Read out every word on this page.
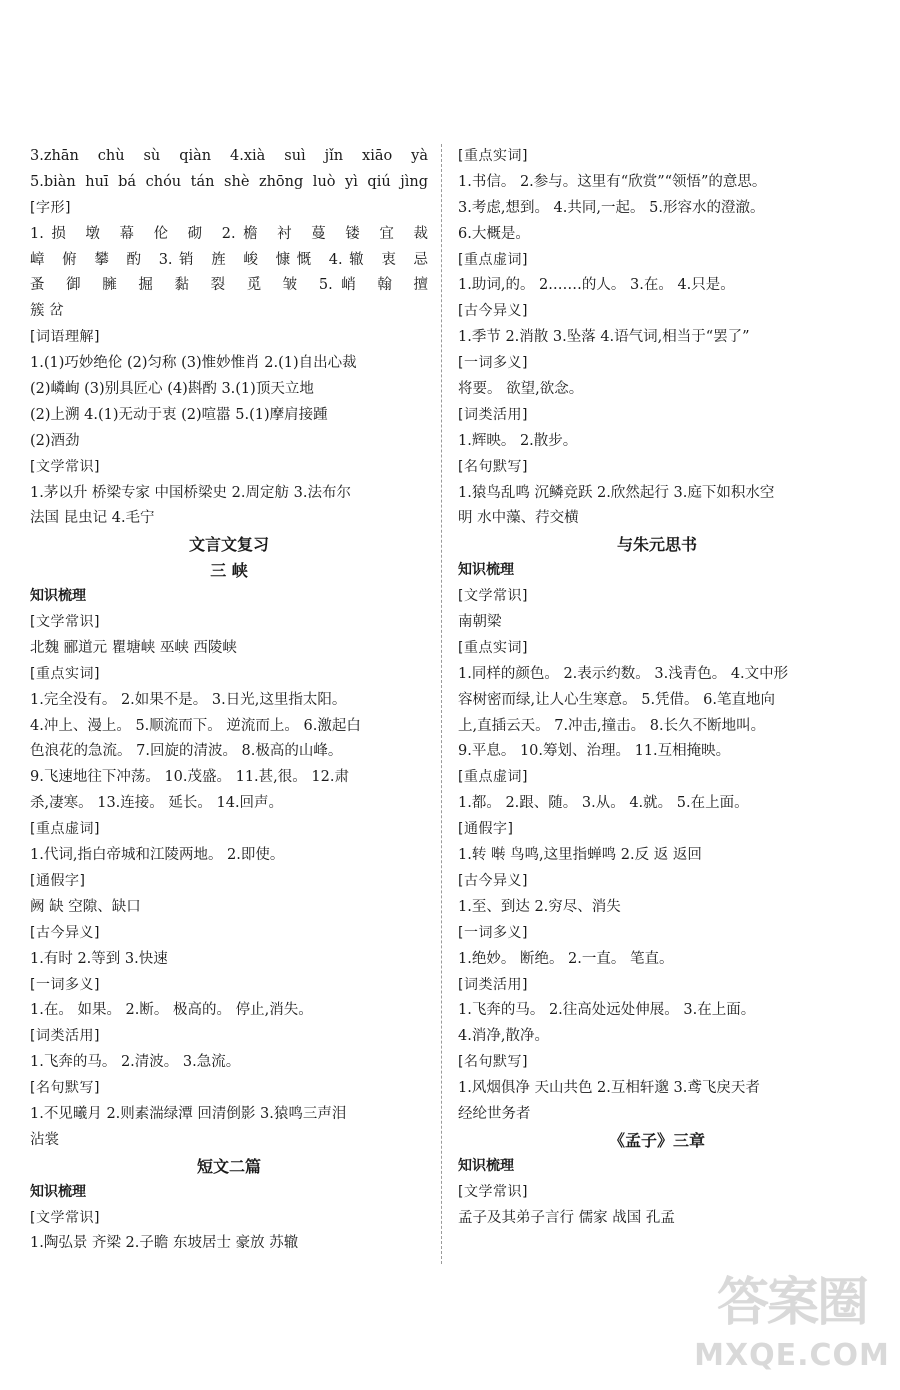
3.zhān chù sù qiàn 4.xià suì jǐn xiāo yà
5.biàn huī bá chóu tán shè zhōng luò yì qiú jìng
[字形]
1.损 墩 幕 伦 砌 2.檐 衬 蔓 镂 宜 裁
嶂 俯 攀 酌 3.销 旌 峻 慷慨 4.辙 衷 忌
蚤 御 臃 掘 黏 裂 觅 皱 5.峭 翰 擅
簇 岔
[词语理解]
1.(1)巧妙绝伦 (2)匀称 (3)惟妙惟肖 2.(1)自出心裁
(2)嶙峋 (3)别具匠心 (4)斟酌 3.(1)顶天立地
(2)上溯 4.(1)无动于衷 (2)喧嚣 5.(1)摩肩接踵
(2)酒劲
[文学常识]
1.茅以升 桥梁专家 中国桥梁史 2.周定舫 3.法布尔
法国 昆虫记 4.毛宁
文言文复习
三 峡
知识梳理
[文学常识]
北魏 郦道元 瞿塘峡 巫峡 西陵峡
[重点实词]
1.完全没有。 2.如果不是。 3.日光,这里指太阳。
4.冲上、漫上。 5.顺流而下。 逆流而上。 6.激起白
色浪花的急流。 7.回旋的清波。 8.极高的山峰。
9.飞速地往下冲荡。 10.茂盛。 11.甚,很。 12.肃
杀,凄寒。 13.连接。 延长。 14.回声。
[重点虚词]
1.代词,指白帝城和江陵两地。 2.即使。
[通假字]
阙 缺 空隙、缺口
[古今异义]
1.有时 2.等到 3.快速
[一词多义]
1.在。 如果。 2.断。 极高的。 停止,消失。
[词类活用]
1.飞奔的马。 2.清波。 3.急流。
[名句默写]
1.不见曦月 2.则素湍绿潭 回清倒影 3.猿鸣三声泪
沾裳
短文二篇
知识梳理
[文学常识]
1.陶弘景 齐梁 2.子瞻 东坡居士 豪放 苏辙
[重点实词]
1.书信。 2.参与。这里有“欣赏”“领悟”的意思。
3.考虑,想到。 4.共同,一起。 5.形容水的澄澈。
6.大概是。
[重点虚词]
1.助词,的。 2.……的人。 3.在。 4.只是。
[古今异义]
1.季节 2.消散 3.坠落 4.语气词,相当于“罢了”
[一词多义]
将要。 欲望,欲念。
[词类活用]
1.辉映。 2.散步。
[名句默写]
1.猿鸟乱鸣 沉鳞竞跃 2.欣然起行 3.庭下如积水空
明 水中藻、荇交横
与朱元思书
知识梳理
[文学常识]
南朝梁
[重点实词]
1.同样的颜色。 2.表示约数。 3.浅青色。 4.文中形
容树密而绿,让人心生寒意。 5.凭借。 6.笔直地向
上,直插云天。 7.冲击,撞击。 8.长久不断地叫。
9.平息。 10.筹划、治理。 11.互相掩映。
[重点虚词]
1.都。 2.跟、随。 3.从。 4.就。 5.在上面。
[通假字]
1.转 啭 鸟鸣,这里指蝉鸣 2.反 返 返回
[古今异义]
1.至、到达 2.穷尽、消失
[一词多义]
1.绝妙。 断绝。 2.一直。 笔直。
[词类活用]
1.飞奔的马。 2.往高处远处伸展。 3.在上面。
4.消净,散净。
[名句默写]
1.风烟俱净 天山共色 2.互相轩邈 3.鸢飞戾天者
经纶世务者
《孟子》三章
知识梳理
[文学常识]
孟子及其弟子言行 儒家 战国 孔孟
答案圈
MXQE.COM
